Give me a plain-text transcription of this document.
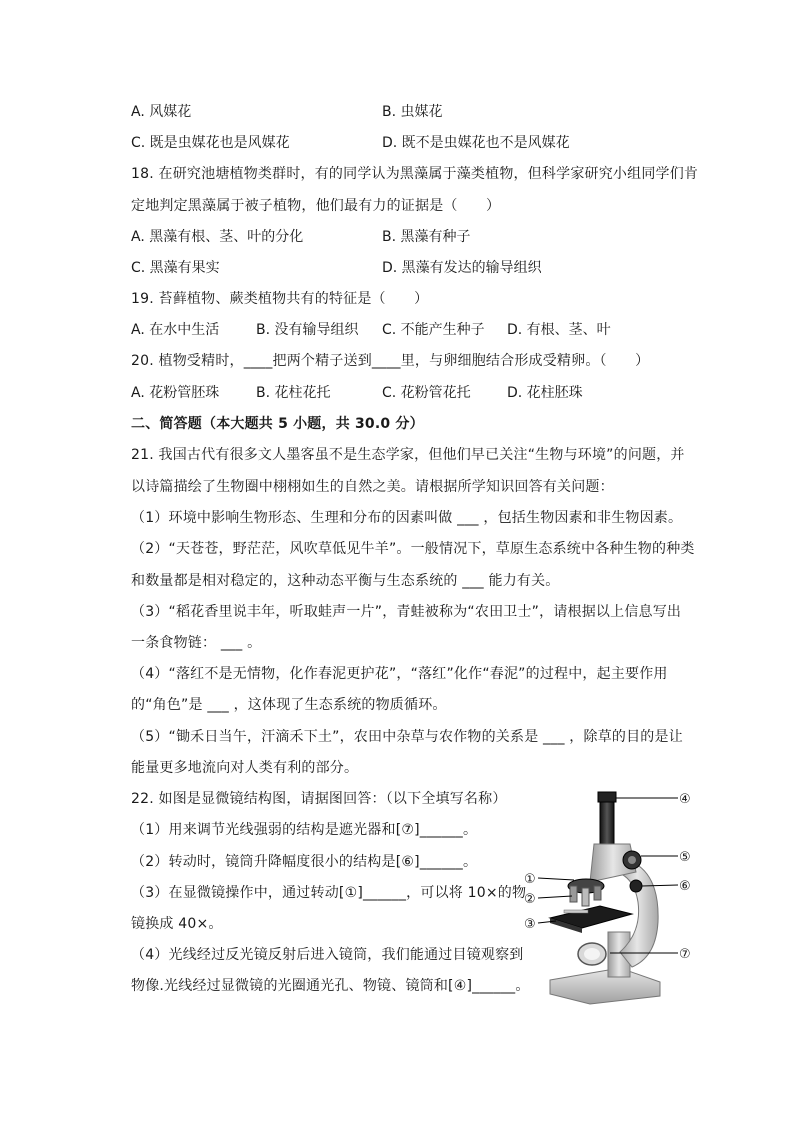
A. 风媒花	B. 虫媒花
C. 既是虫媒花也是风媒花	D. 既不是虫媒花也不是风媒花
18. 在研究池塘植物类群时，有的同学认为黑藻属于藻类植物，但科学家研究小组同学们肯
定地判定黑藻属于被子植物，他们最有力的证据是（　　）
A. 黑藻有根、茎、叶的分化	B. 黑藻有种子
C. 黑藻有果实	D. 黑藻有发达的输导组织
19. 苔藓植物、蕨类植物共有的特征是（　　）
A. 在水中生活	B. 没有输导组织 C. 不能产生种子 D. 有根、茎、叶
20. 植物受精时，____把两个精子送到____里，与卵细胞结合形成受精卵。（　　）
A. 花粉管胚珠	B. 花柱花托	C. 花粉管花托	D. 花柱胚珠
二、简答题（本大题共 5 小题，共 30.0 分）
21. 我国古代有很多文人墨客虽不是生态学家，但他们早已关注“生物与环境”的问题，并
以诗篇描绘了生物圈中栩栩如生的自然之美。请根据所学知识回答有关问题：
（1）环境中影响生物形态、生理和分布的因素叫做 ___ ，包括生物因素和非生物因素。
（2）“天苍苍，野茫茫，风吹草低见牛羊”。一般情况下，草原生态系统中各种生物的种类
和数量都是相对稳定的，这种动态平衡与生态系统的 ___ 能力有关。
（3）“稻花香里说丰年，听取蛙声一片”，青蛙被称为“农田卫士”，请根据以上信息写出
一条食物链： ___ 。
（4）“落红不是无情物，化作春泥更护花”，“落红”化作“春泥”的过程中，起主要作用
的“角色”是 ___ ，这体现了生态系统的物质循环。
（5）“锄禾日当午，汗滴禾下土”，农田中杂草与农作物的关系是 ___ ，除草的目的是让
能量更多地流向对人类有利的部分。
22. 如图是显微镜结构图，请据图回答：（以下全填写名称）
（1）用来调节光线强弱的结构是遮光器和[⑦]______。
（2）转动时，镜筒升降幅度很小的结构是[⑥]______。
（3）在显微镜操作中，通过转动[①]______，可以将 10×的物
镜换成 40×。
（4）光线经过反光镜反射后进入镜筒，我们能通过目镜观察到
物像.光线经过显微镜的光圈通光孔、物镜、镜筒和[④]______。
④
⑤
⑥
①
②
③
⑦
